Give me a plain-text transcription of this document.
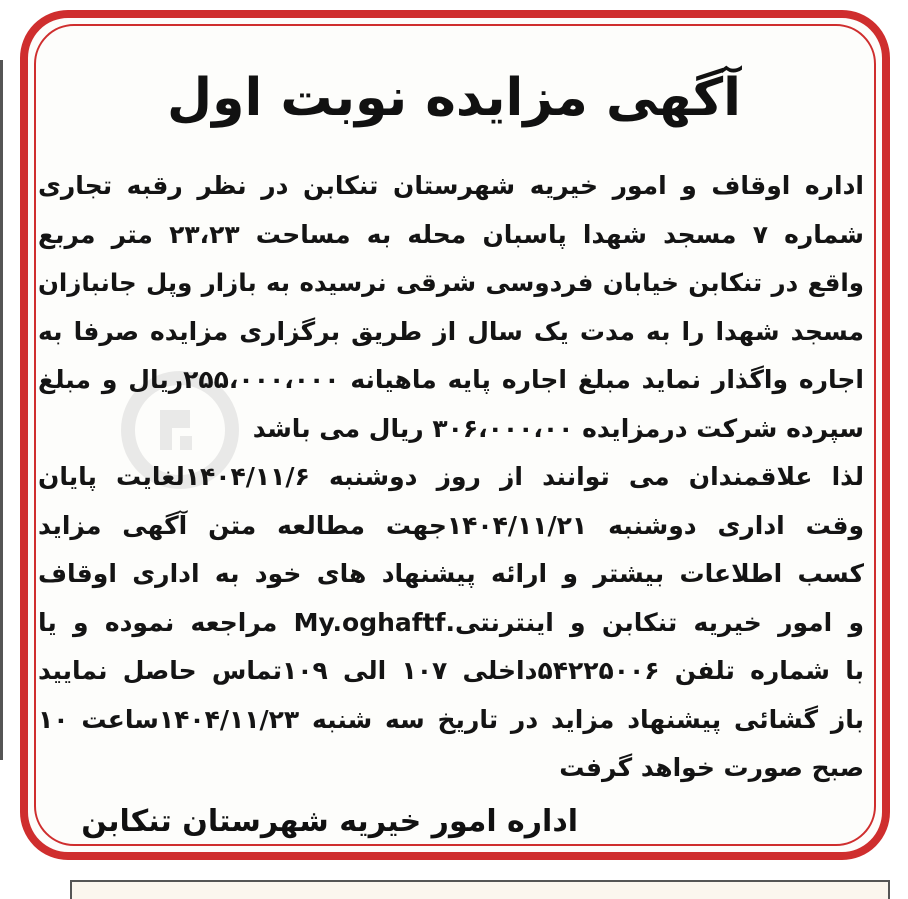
آگهی مزایده نوبت اول
اداره اوقاف و امور خیریه شهرستان تنکابن در نظر رقبه تجاری
شماره ۷ مسجد شهدا پاسبان محله به مساحت ۲۳،۲۳ متر مربع
واقع در تنکابن خیابان فردوسی شرقی نرسیده به بازار وپل جانبازان
مسجد شهدا را به مدت یک سال از طریق برگزاری مزایده صرفا به
اجاره واگذار نماید مبلغ اجاره پایه ماهیانه ۲۵۵،۰۰۰،۰۰۰ریال و مبلغ
سپرده شرکت درمزایده ۳۰۶،۰۰۰،۰۰ ریال می باشد
لذا علاقمندان می توانند از روز دوشنبه ۱۴۰۴/۱۱/۶لغایت پایان
وقت اداری دوشنبه ۱۴۰۴/۱۱/۲۱جهت مطالعه متن آگهی مزاید
کسب اطلاعات بیشتر و ارائه پیشنهاد های خود به اداری اوقاف
و امور خیریه تنکابن و اینترنتی.My.oghaftf مراجعه نموده و یا
با شماره تلفن ۵۴۲۲۵۰۰۶داخلی ۱۰۷ الی ۱۰۹تماس حاصل نمایید
باز گشائی پیشنهاد مزاید در تاریخ سه شنبه ۱۴۰۴/۱۱/۲۳ساعت ۱۰
صبح صورت خواهد گرفت
اداره امور خیریه شهرستان تنکابن
